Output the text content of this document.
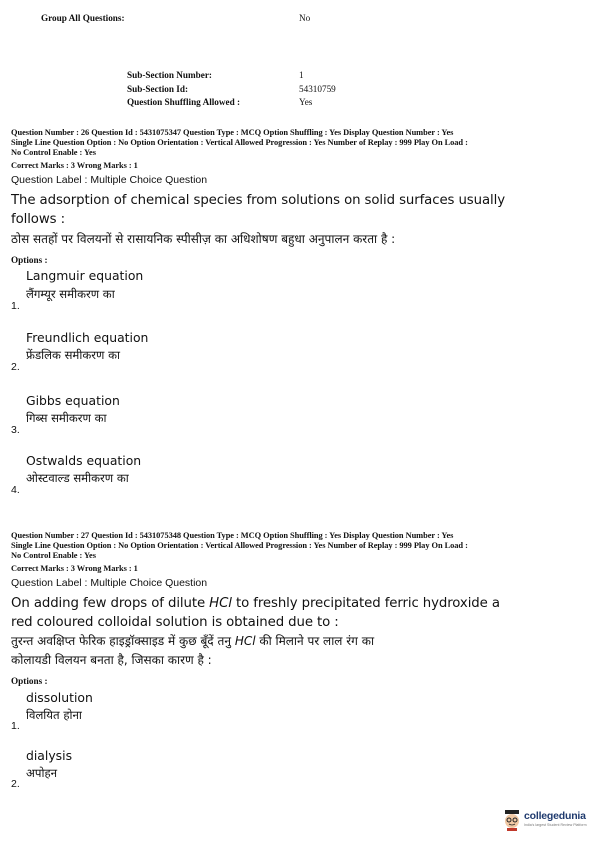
Group All Questions:	No
Sub-Section Number:	1
Sub-Section Id:	54310759
Question Shuffling Allowed :	Yes
Question Number : 26 Question Id : 5431075347 Question Type : MCQ Option Shuffling : Yes Display Question Number : Yes
Single Line Question Option : No Option Orientation : Vertical Allowed Progression : Yes Number of Replay : 999 Play On Load :
No Control Enable : Yes
Correct Marks : 3 Wrong Marks : 1
Question Label : Multiple Choice Question
The adsorption of chemical species from solutions on solid surfaces usually
follows :
ठोस सतहों पर विलयनों से रासायनिक स्पीसीज़ का अधिशोषण बहुधा अनुपालन करता है :
Options :
Langmuir equation
लैंगम्यूर समीकरण का
1.
Freundlich equation
फ्रेंडलिक समीकरण का
2.
Gibbs equation
गिब्स समीकरण का
3.
Ostwalds equation
ओस्टवाल्ड समीकरण का
4.
Question Number : 27 Question Id : 5431075348 Question Type : MCQ Option Shuffling : Yes Display Question Number : Yes
Single Line Question Option : No Option Orientation : Vertical Allowed Progression : Yes Number of Replay : 999 Play On Load :
No Control Enable : Yes
Correct Marks : 3 Wrong Marks : 1
Question Label : Multiple Choice Question
On adding few drops of dilute HCl to freshly precipitated ferric hydroxide a
red coloured colloidal solution is obtained due to :
तुरन्त अवक्षिप्त फेरिक हाइड्रॉक्साइड में कुछ बूँदें तनु HCl की मिलाने पर लाल रंग का
कोलायडी विलयन बनता है, जिसका कारण है :
Options :
dissolution
विलयित होना
1.
dialysis
अपोहन
2.
collegedunia
India's largest Student Review Platform
